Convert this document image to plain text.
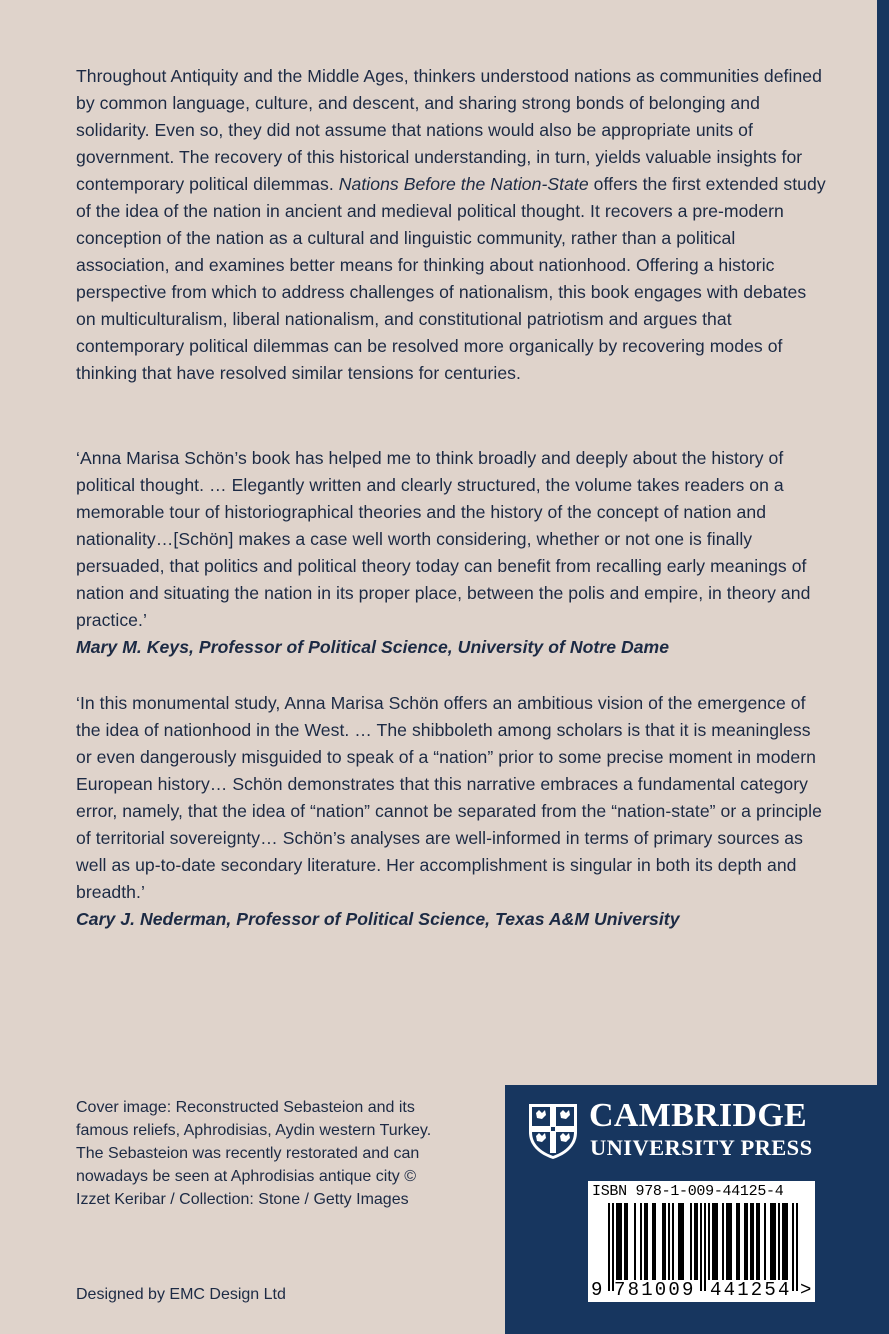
Throughout Antiquity and the Middle Ages, thinkers understood nations as communities defined by common language, culture, and descent, and sharing strong bonds of belonging and solidarity. Even so, they did not assume that nations would also be appropriate units of government. The recovery of this historical understanding, in turn, yields valuable insights for contemporary political dilemmas. Nations Before the Nation-State offers the first extended study of the idea of the nation in ancient and medieval political thought. It recovers a pre-modern conception of the nation as a cultural and linguistic community, rather than a political association, and examines better means for thinking about nationhood. Offering a historic perspective from which to address challenges of nationalism, this book engages with debates on multiculturalism, liberal nationalism, and constitutional patriotism and argues that contemporary political dilemmas can be resolved more organically by recovering modes of thinking that have resolved similar tensions for centuries.

‘Anna Marisa Schön’s book has helped me to think broadly and deeply about the history of political thought. … Elegantly written and clearly structured, the volume takes readers on a memorable tour of historiographical theories and the history of the concept of nation and nationality…[Schön] makes a case well worth considering, whether or not one is finally persuaded, that politics and political theory today can benefit from recalling early meanings of nation and situating the nation in its proper place, between the polis and empire, in theory and practice.’

Mary M. Keys, Professor of Political Science, University of Notre Dame

‘In this monumental study, Anna Marisa Schön offers an ambitious vision of the emergence of the idea of nationhood in the West. … The shibboleth among scholars is that it is meaningless or even dangerously misguided to speak of a “nation” prior to some precise moment in modern European history… Schön demonstrates that this narrative embraces a fundamental category error, namely, that the idea of “nation” cannot be separated from the “nation-state” or a principle of territorial sovereignty… Schön’s analyses are well-informed in terms of primary sources as well as up-to-date secondary literature. Her accomplishment is singular in both its depth and breadth.’

Cary J. Nederman, Professor of Political Science, Texas A&M University

Cover image: Reconstructed Sebasteion and its famous reliefs, Aphrodisias, Aydin western Turkey. The Sebasteion was recently restorated and can nowadays be seen at Aphrodisias antique city © Izzet Keribar / Collection: Stone / Getty Images
Designed by EMC Design Ltd
CAMBRIDGE
UNIVERSITY PRESS
ISBN 978-1-009-44125-4
9 781009 441254 >
